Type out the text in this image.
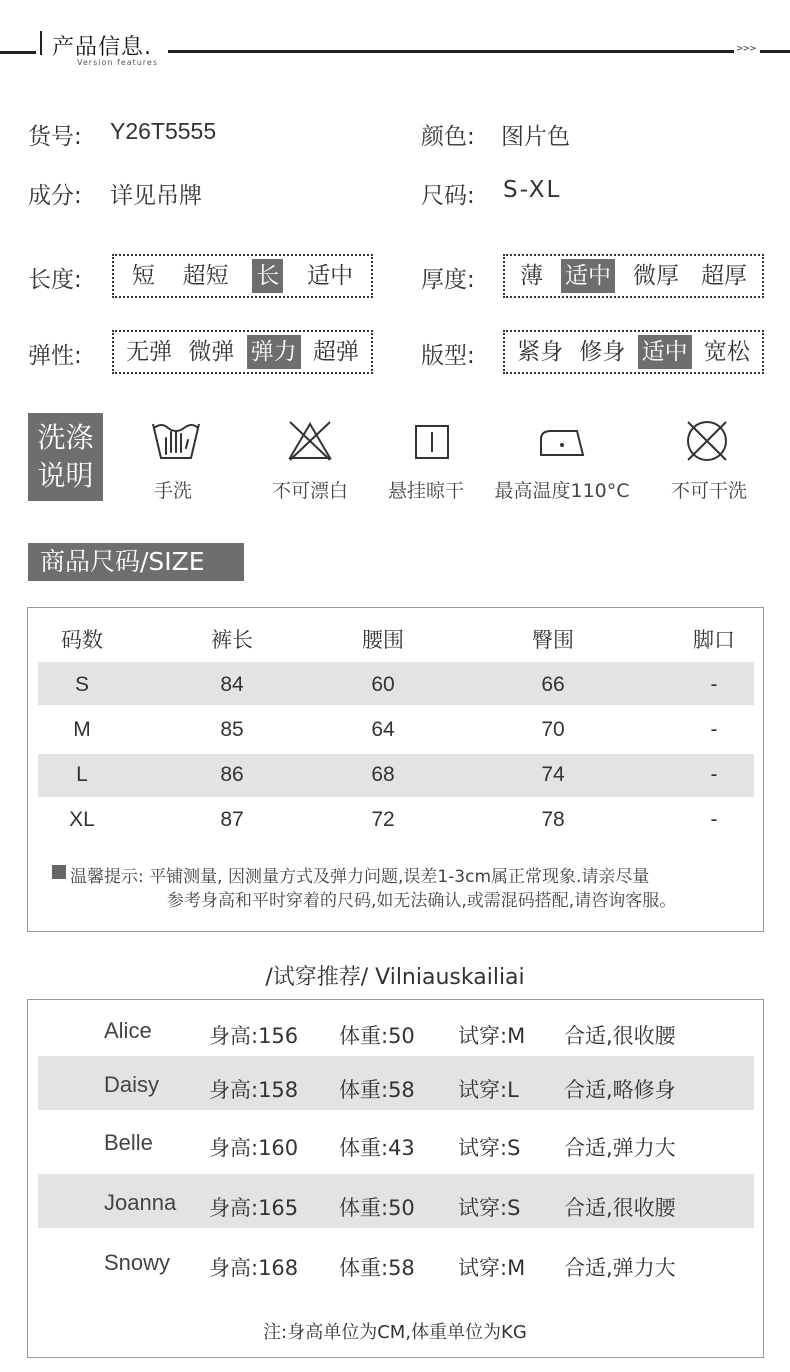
产品信息.
Version features
>>>
货号: Y26T5555	颜色: 图片色
成分: 详见吊牌	尺码: S-XL
长度: 短 超短 长 适中	厚度: 薄 适中 微厚 超厚
弹性: 无弹 微弹 弹力 超弹	版型: 紧身 修身 适中 宽松
洗涤
说明	手洗	不可漂白 悬挂晾干 最高温度110°C 不可干洗
商品尺码/SIZE
码数	裤长	腰围	臀围	脚口
S	84	60	66	-
M	85	64	70	-
L	86	68	74	-
XL	87	72	78	-
温馨提示: 平铺测量, 因测量方式及弹力问题,误差1-3cm属正常现象.请亲尽量
参考身高和平时穿着的尺码,如无法确认,或需混码搭配,请咨询客服。
/试穿推荐/ Vilniauskailiai
Alice	身高:156 体重:50 试穿:M 合适,很收腰
Daisy 身高:158 体重:58 试穿:L 合适,略修身
Belle	身高:160 体重:43 试穿:S 合适,弹力大
Joanna 身高:165 体重:50 试穿:S 合适,很收腰
Snowy 身高:168 体重:58 试穿:M 合适,弹力大
注:身高单位为CM,体重单位为KG
